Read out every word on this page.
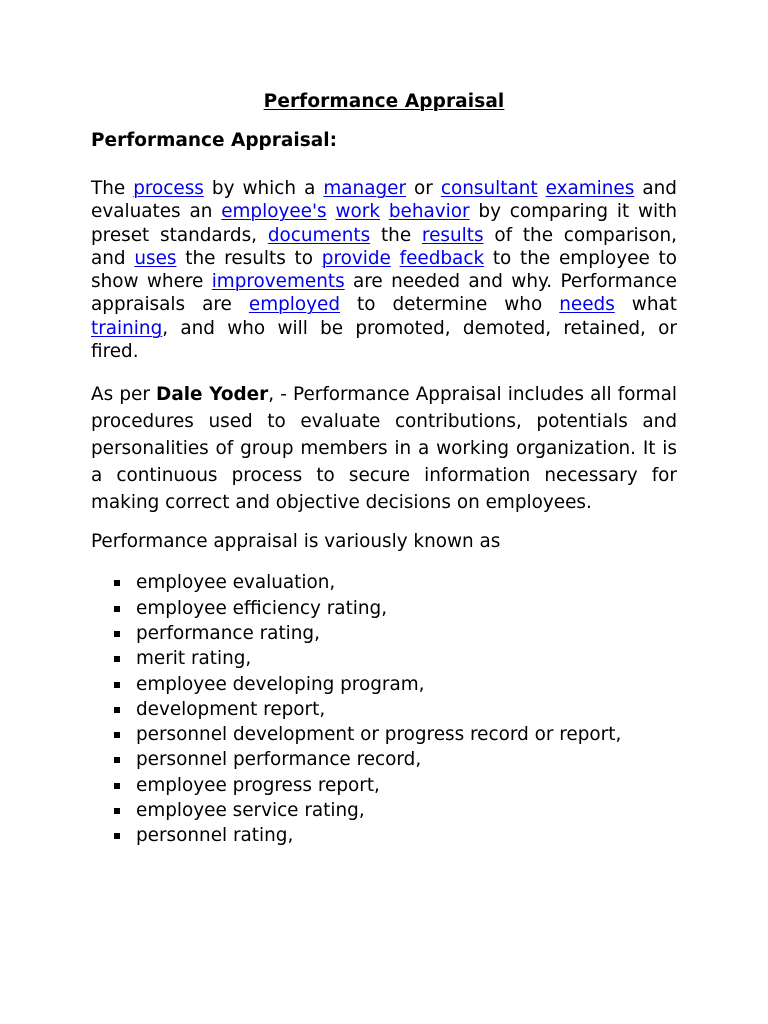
Performance Appraisal
Performance Appraisal:

The process by which a manager or consultant examines and evaluates an employee's work behavior by comparing it with preset standards, documents the results of the comparison, and uses the results to provide feedback to the employee to show where improvements are needed and why. Performance appraisals are employed to determine who needs what training, and who will be promoted, demoted, retained, or fired.

As per Dale Yoder, - Performance Appraisal includes all formal procedures used to evaluate contributions, potentials and personalities of group members in a working organization. It is a continuous process to secure information necessary for making correct and objective decisions on employees.

Performance appraisal is variously known as

employee evaluation,
employee efficiency rating,
performance rating,
merit rating,
employee developing program,
development report,
personnel development or progress record or report,
personnel performance record,
employee progress report,
employee service rating,
personnel rating,
